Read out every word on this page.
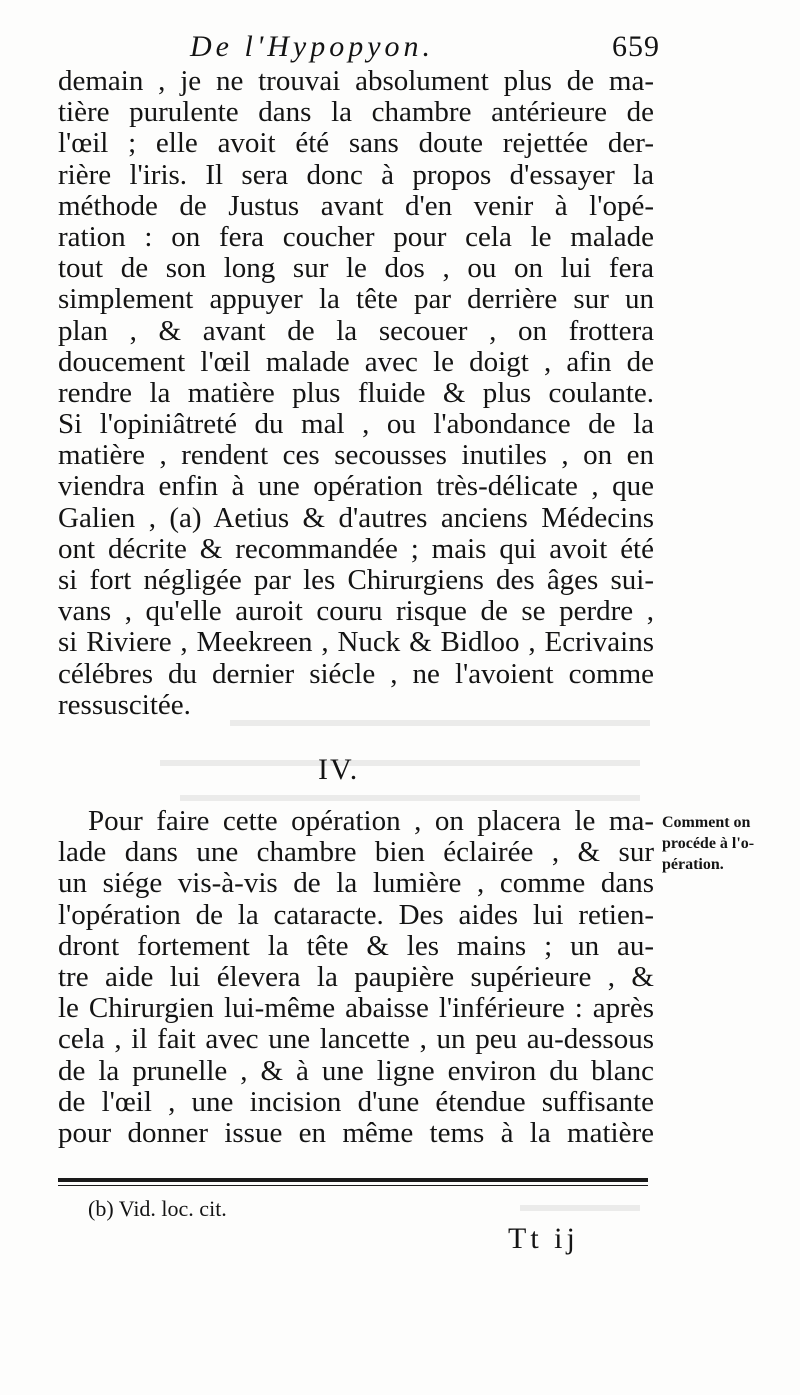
De l'Hypopyon.	659
demain , je ne trouvai absolument plus de ma-
tière purulente dans la chambre antérieure de
l'œil ; elle avoit été sans doute rejettée der-
rière l'iris. Il sera donc à propos d'essayer la
méthode de Justus avant d'en venir à l'opé-
ration : on fera coucher pour cela le malade
tout de son long sur le dos , ou on lui fera
simplement appuyer la tête par derrière sur un
plan , & avant de la secouer , on frottera
doucement l'œil malade avec le doigt , afin de
rendre la matière plus fluide & plus coulante.
Si l'opiniâtreté du mal , ou l'abondance de la
matière , rendent ces secousses inutiles , on en
viendra enfin à une opération très-délicate , que
Galien , (a) Aetius & d'autres anciens Médecins
ont décrite & recommandée ; mais qui avoit été
si fort négligée par les Chirurgiens des âges sui-
vans , qu'elle auroit couru risque de se perdre ,
si Riviere , Meekreen , Nuck & Bidloo , Ecrivains
célébres du dernier siécle , ne l'avoient comme
ressuscitée.
IV.
Pour faire cette opération , on placera le ma-
lade dans une chambre bien éclairée , & sur
un siége vis-à-vis de la lumière , comme dans
l'opération de la cataracte. Des aides lui retien-
dront fortement la tête & les mains ; un au-
tre aide lui élevera la paupière supérieure , &
le Chirurgien lui-même abaisse l'inférieure : après
cela , il fait avec une lancette , un peu au-dessous
de la prunelle , & à une ligne environ du blanc
de l'œil , une incision d'une étendue suffisante
pour donner issue en même tems à la matière
Comment on
procéde à l'o-
pération.
(b) Vid. loc. cit.
Tt ij
